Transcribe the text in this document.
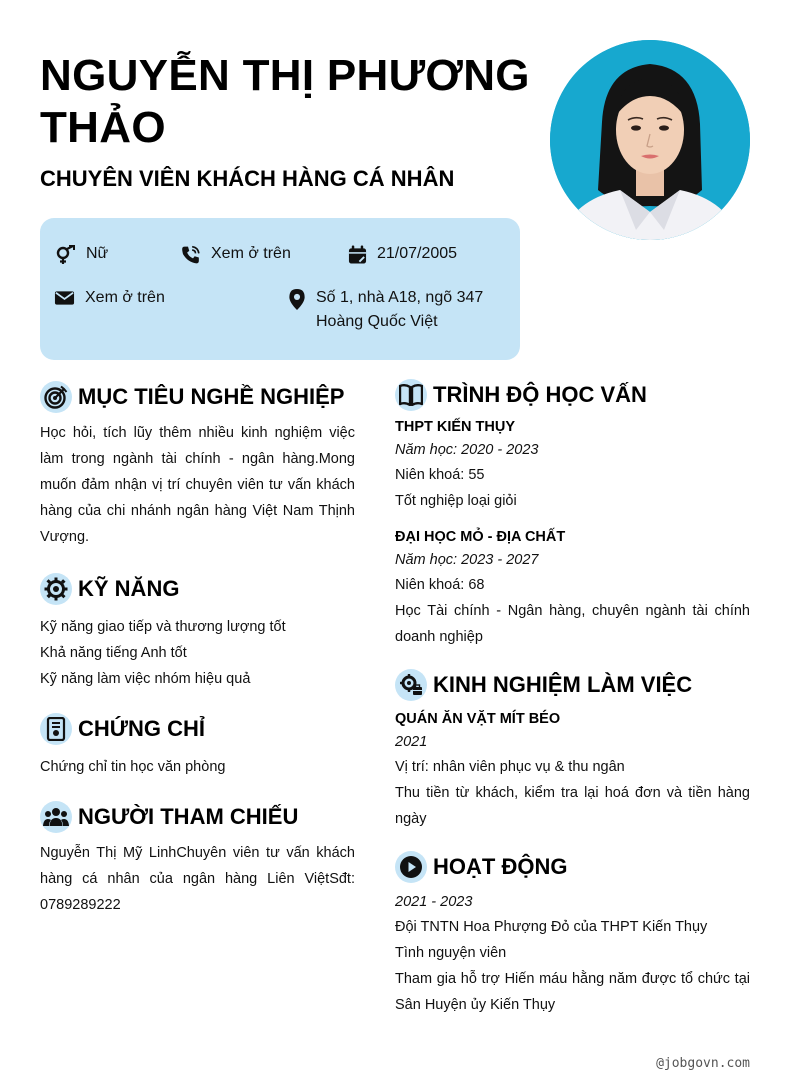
NGUYỄN THỊ PHƯƠNG THẢO
CHUYÊN VIÊN KHÁCH HÀNG CÁ NHÂN
Nữ	Xem ở trên	21/07/2005
Xem ở trên	Số 1, nhà A18, ngõ 347
Hoàng Quốc Việt
MỤC TIÊU NGHỀ NGHIỆP
Học hỏi, tích lũy thêm nhiều kinh nghiệm việc làm trong ngành tài chính - ngân hàng.Mong muốn đảm nhận vị trí chuyên viên tư vấn khách hàng của chi nhánh ngân hàng Việt Nam Thịnh Vượng.
KỸ NĂNG
Kỹ năng giao tiếp và thương lượng tốt
Khả năng tiếng Anh tốt
Kỹ năng làm việc nhóm hiệu quả
CHỨNG CHỈ
Chứng chỉ tin học văn phòng
NGƯỜI THAM CHIẾU
Nguyễn Thị Mỹ LinhChuyên viên tư vấn khách hàng cá nhân của ngân hàng Liên ViệtSđt: 0789289222
TRÌNH ĐỘ HỌC VẤN
THPT KIẾN THỤY
Năm học: 2020 - 2023
Niên khoá: 55
Tốt nghiệp loại giỏi
ĐẠI HỌC MỎ - ĐỊA CHẤT
Năm học: 2023 - 2027
Niên khoá: 68
Học Tài chính - Ngân hàng, chuyên ngành tài chính doanh nghiệp
KINH NGHIỆM LÀM VIỆC
QUÁN ĂN VẶT MÍT BÉO
2021
Vị trí: nhân viên phục vụ & thu ngân
Thu tiền từ khách, kiểm tra lại hoá đơn và tiền hàng ngày
HOẠT ĐỘNG
2021 - 2023
Đội TNTN Hoa Phượng Đỏ của THPT Kiến Thụy
Tình nguyện viên
Tham gia hỗ trợ Hiến máu hằng năm được tổ chức tại Sân Huyện ủy Kiến Thụy
@jobgovn.com
